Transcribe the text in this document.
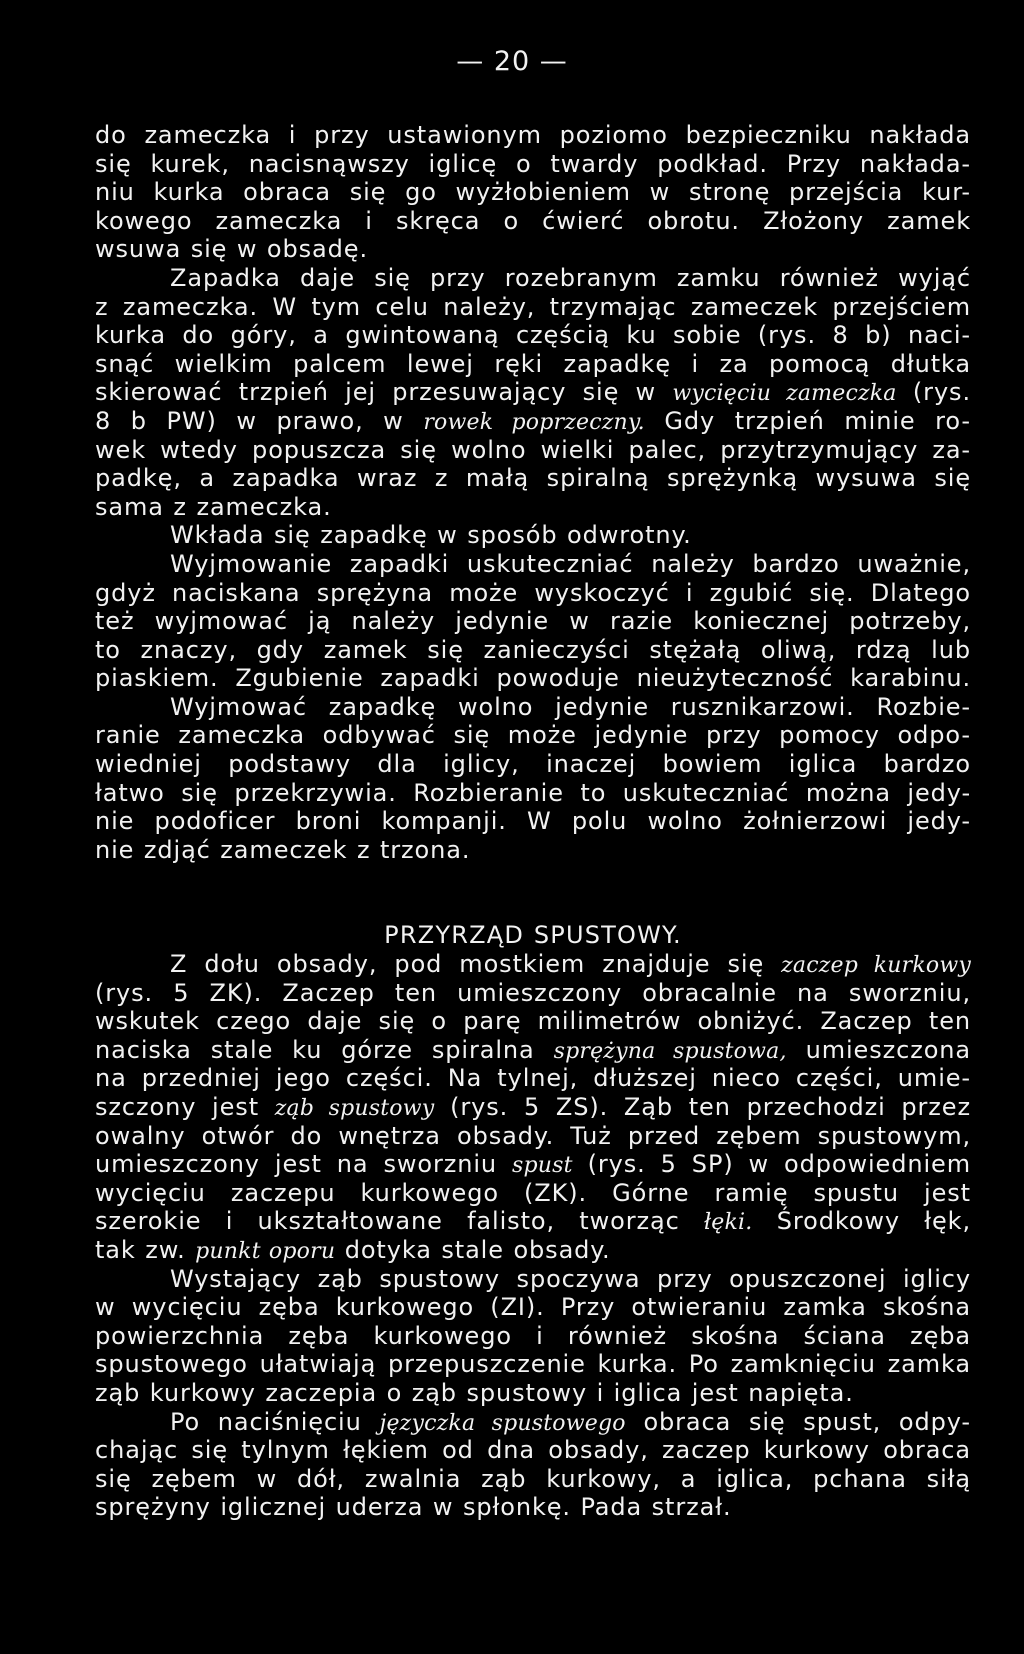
— 20 —
do zameczka i przy ustawionym poziomo bezpieczniku nakłada
się kurek, nacisnąwszy iglicę o twardy podkład. Przy nakłada-
niu kurka obraca się go wyżłobieniem w stronę przejścia kur-
kowego zameczka i skręca o ćwierć obrotu. Złożony zamek
wsuwa się w obsadę.
Zapadka daje się przy rozebranym zamku również wyjąć
z zameczka. W tym celu należy, trzymając zameczek przejściem
kurka do góry, a gwintowaną częścią ku sobie (rys. 8 b) naci-
snąć wielkim palcem lewej ręki zapadkę i za pomocą dłutka
skierować trzpień jej przesuwający się w wycięciu zameczka (rys.
8 b PW) w prawo, w rowek poprzeczny. Gdy trzpień minie ro-
wek wtedy popuszcza się wolno wielki palec, przytrzymujący za-
padkę, a zapadka wraz z małą spiralną sprężynką wysuwa się
sama z zameczka.
Wkłada się zapadkę w sposób odwrotny.
Wyjmowanie zapadki uskuteczniać należy bardzo uważnie,
gdyż naciskana sprężyna może wyskoczyć i zgubić się. Dlatego
też wyjmować ją należy jedynie w razie koniecznej potrzeby,
to znaczy, gdy zamek się zanieczyści stężałą oliwą, rdzą lub
piaskiem. Zgubienie zapadki powoduje nieużyteczność karabinu.
Wyjmować zapadkę wolno jedynie rusznikarzowi. Rozbie-
ranie zameczka odbywać się może jedynie przy pomocy odpo-
wiedniej podstawy dla iglicy, inaczej bowiem iglica bardzo
łatwo się przekrzywia. Rozbieranie to uskuteczniać można jedy-
nie podoficer broni kompanji. W polu wolno żołnierzowi jedy-
nie zdjąć zameczek z trzona.
PRZYRZĄD SPUSTOWY.
Z dołu obsady, pod mostkiem znajduje się zaczep kurkowy
(rys. 5 ZK). Zaczep ten umieszczony obracalnie na sworzniu,
wskutek czego daje się o parę milimetrów obniżyć. Zaczep ten
naciska stale ku górze spiralna sprężyna spustowa, umieszczona
na przedniej jego części. Na tylnej, dłuższej nieco części, umie-
szczony jest ząb spustowy (rys. 5 ZS). Ząb ten przechodzi przez
owalny otwór do wnętrza obsady. Tuż przed zębem spustowym,
umieszczony jest na sworzniu spust (rys. 5 SP) w odpowiedniem
wycięciu zaczepu kurkowego (ZK). Górne ramię spustu jest
szerokie i ukształtowane falisto, tworząc łęki. Środkowy łęk,
tak zw. punkt oporu dotyka stale obsady.
Wystający ząb spustowy spoczywa przy opuszczonej iglicy
w wycięciu zęba kurkowego (ZI). Przy otwieraniu zamka skośna
powierzchnia zęba kurkowego i również skośna ściana zęba
spustowego ułatwiają przepuszczenie kurka. Po zamknięciu zamka
ząb kurkowy zaczepia o ząb spustowy i iglica jest napięta.
Po naciśnięciu języczka spustowego obraca się spust, odpy-
chając się tylnym łękiem od dna obsady, zaczep kurkowy obraca
się zębem w dół, zwalnia ząb kurkowy, a iglica, pchana siłą
sprężyny iglicznej uderza w spłonkę. Pada strzał.
